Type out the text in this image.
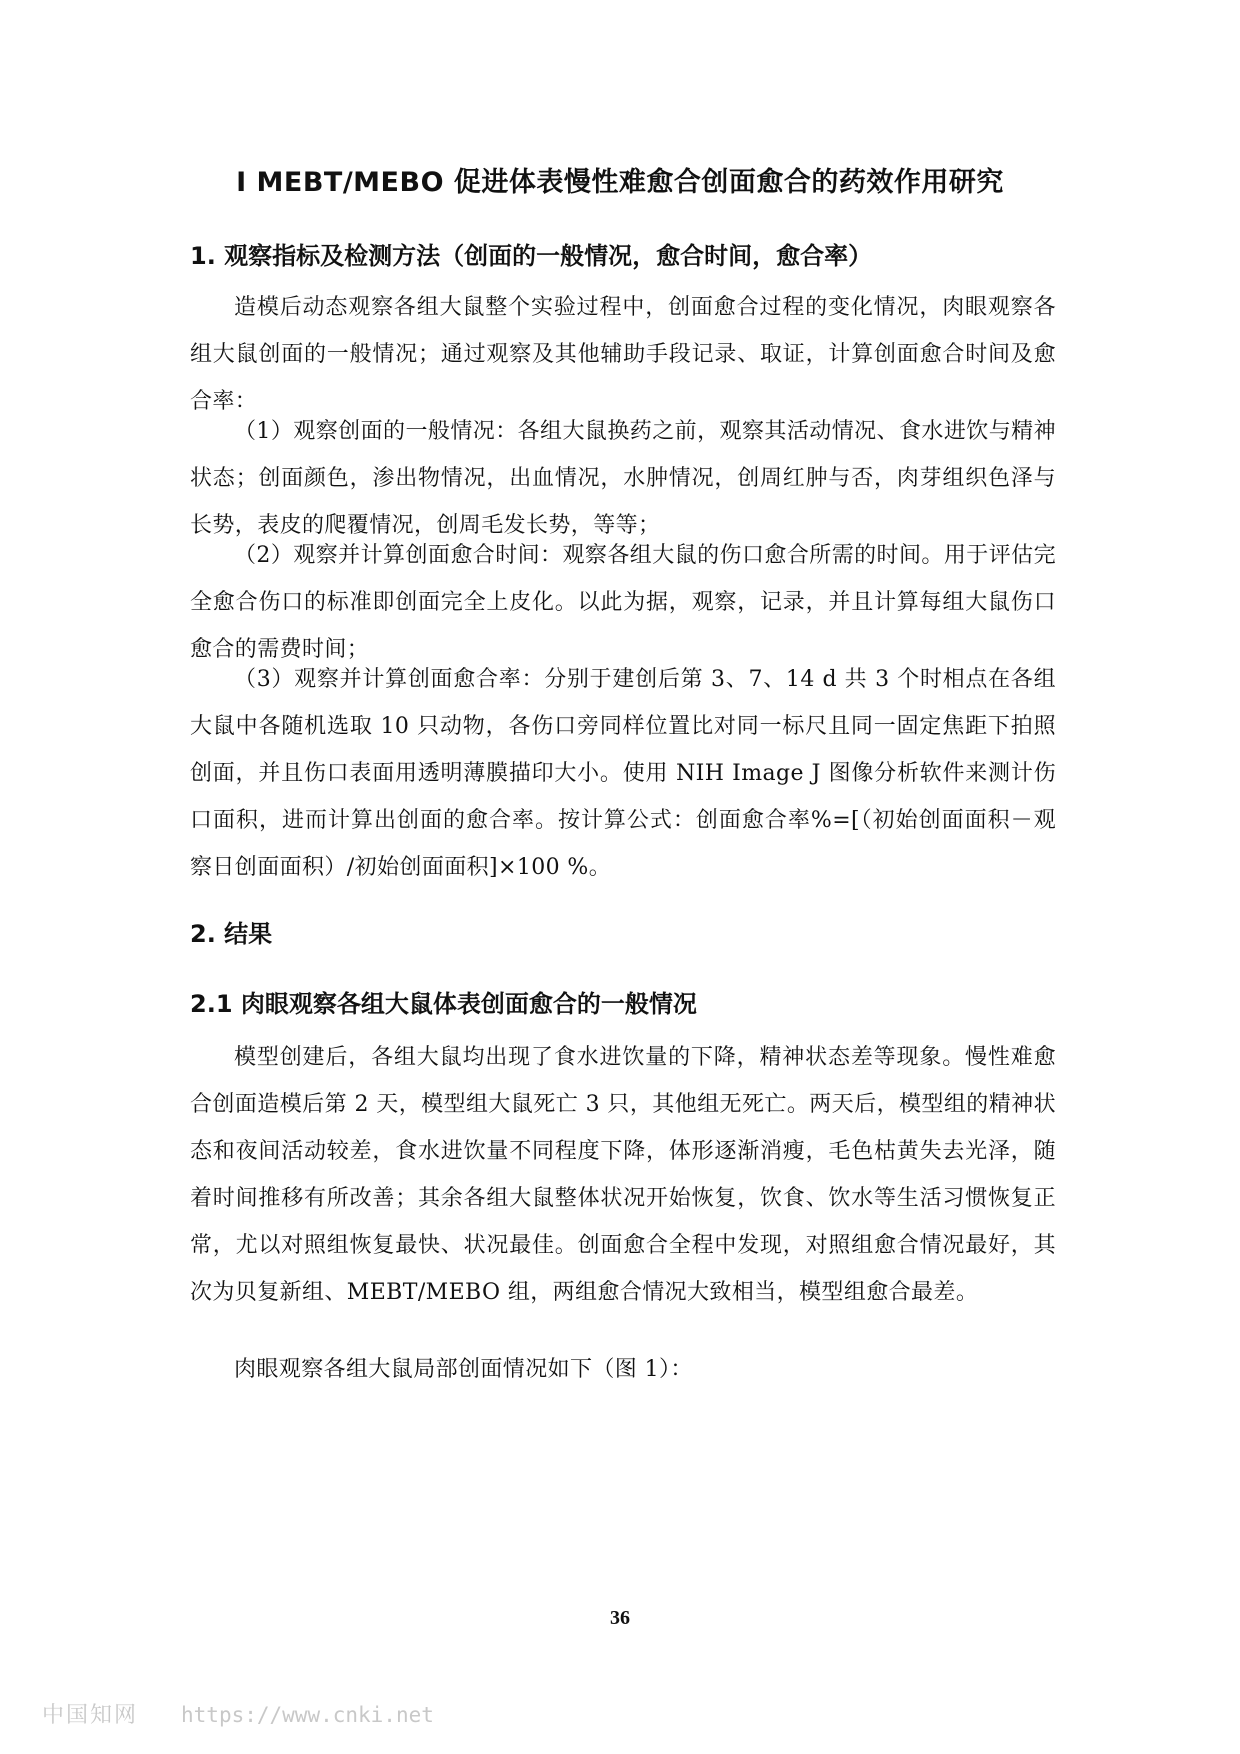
I MEBT/MEBO 促进体表慢性难愈合创面愈合的药效作用研究
1. 观察指标及检测方法（创面的一般情况，愈合时间，愈合率）

造模后动态观察各组大鼠整个实验过程中，创面愈合过程的变化情况，肉眼观察各组大鼠创面的一般情况；通过观察及其他辅助手段记录、取证，计算创面愈合时间及愈合率：

（1）观察创面的一般情况：各组大鼠换药之前，观察其活动情况、食水进饮与精神状态；创面颜色，渗出物情况，出血情况，水肿情况，创周红肿与否，肉芽组织色泽与长势，表皮的爬覆情况，创周毛发长势，等等；

（2）观察并计算创面愈合时间：观察各组大鼠的伤口愈合所需的时间。用于评估完全愈合伤口的标准即创面完全上皮化。以此为据，观察，记录，并且计算每组大鼠伤口愈合的需费时间；

（3）观察并计算创面愈合率：分别于建创后第 3、7、14 d 共 3 个时相点在各组大鼠中各随机选取 10 只动物，各伤口旁同样位置比对同一标尺且同一固定焦距下拍照创面，并且伤口表面用透明薄膜描印大小。使用 NIH Image J 图像分析软件来测计伤口面积，进而计算出创面的愈合率。按计算公式：创面愈合率%=[（初始创面面积－观察日创面面积）/初始创面面积]×100 %。

2. 结果
2.1 肉眼观察各组大鼠体表创面愈合的一般情况

模型创建后，各组大鼠均出现了食水进饮量的下降，精神状态差等现象。慢性难愈合创面造模后第 2 天，模型组大鼠死亡 3 只，其他组无死亡。两天后，模型组的精神状态和夜间活动较差，食水进饮量不同程度下降，体形逐渐消瘦，毛色枯黄失去光泽，随着时间推移有所改善；其余各组大鼠整体状况开始恢复，饮食、饮水等生活习惯恢复正常，尤以对照组恢复最快、状况最佳。创面愈合全程中发现，对照组愈合情况最好，其次为贝复新组、MEBT/MEBO 组，两组愈合情况大致相当，模型组愈合最差。

肉眼观察各组大鼠局部创面情况如下（图 1）：

36
中国知网 https://www.cnki.net
